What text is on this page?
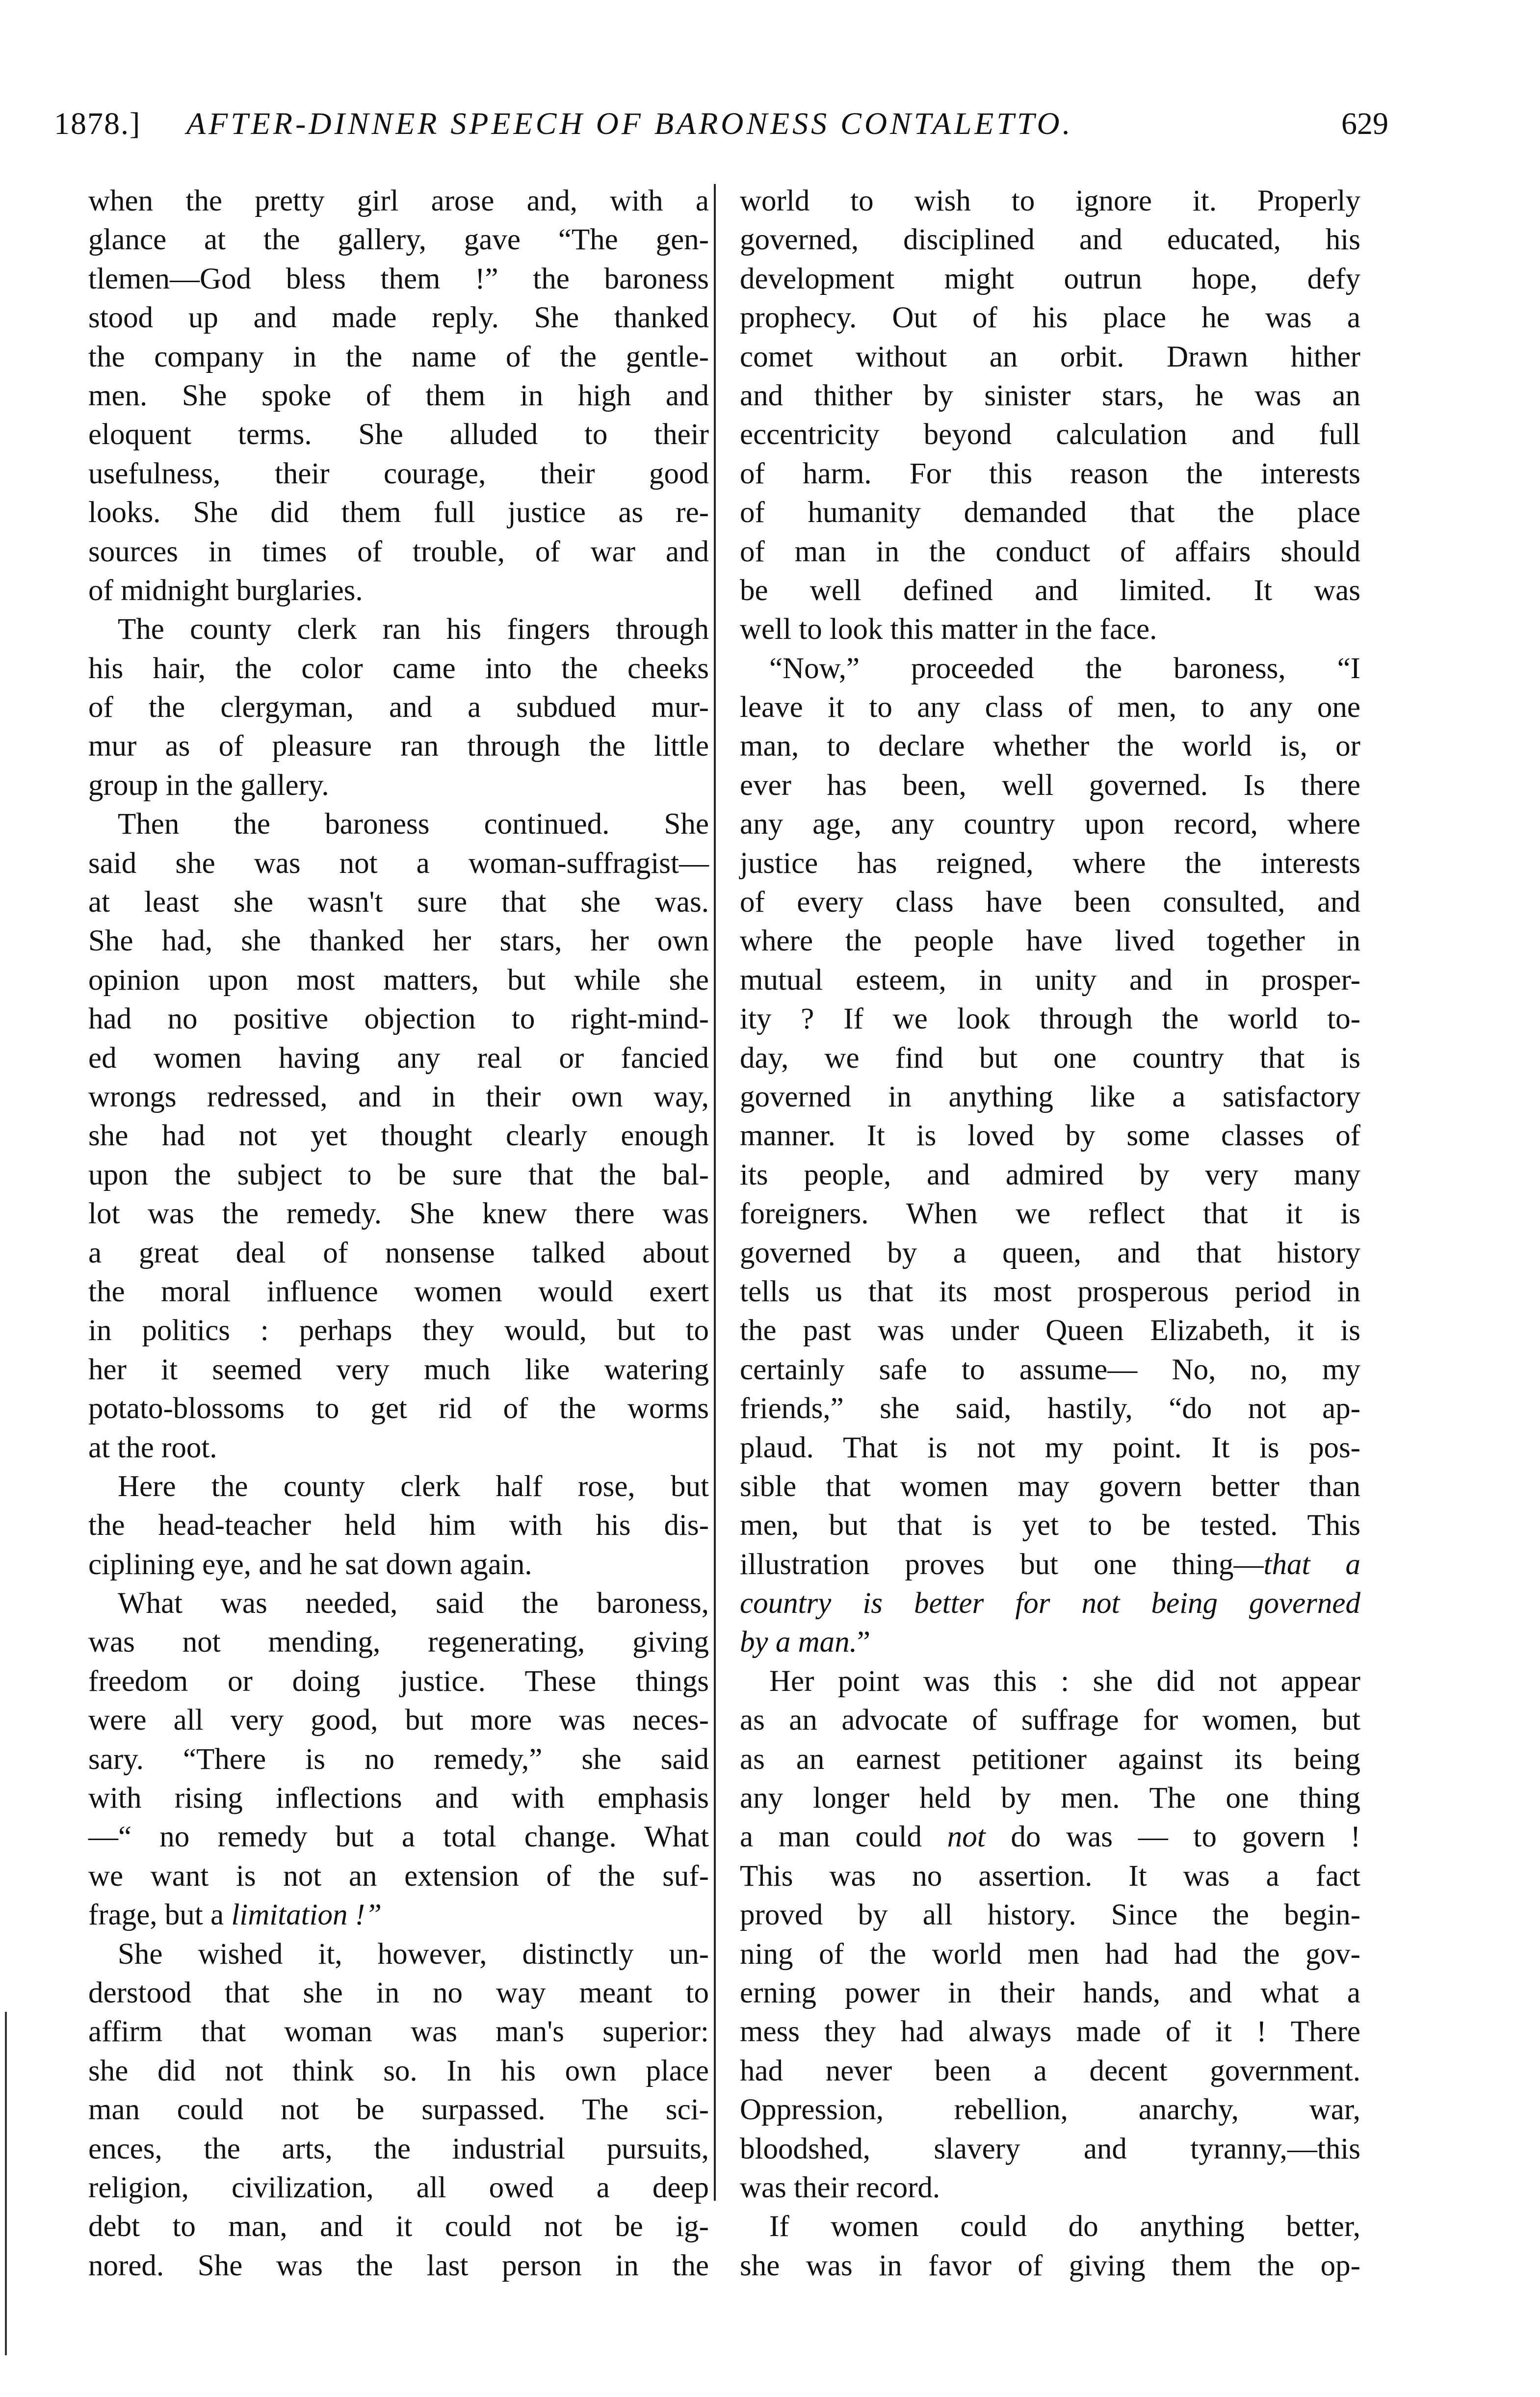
1878.] AFTER-DINNER SPEECH OF BARONESS CONTALETTO.	629
when the pretty girl arose and, with a
glance at the gallery, gave “The gen-
tlemen—God bless them !” the baroness
stood up and made reply. She thanked
the company in the name of the gentle-
men. She spoke of them in high and
eloquent terms. She alluded to their
usefulness, their courage, their good
looks. She did them full justice as re-
sources in times of trouble, of war and
of midnight burglaries.
The county clerk ran his fingers through
his hair, the color came into the cheeks
of the clergyman, and a subdued mur-
mur as of pleasure ran through the little
group in the gallery.
Then the baroness continued. She
said she was not a woman-suffragist—
at least she wasn't sure that she was.
She had, she thanked her stars, her own
opinion upon most matters, but while she
had no positive objection to right-mind-
ed women having any real or fancied
wrongs redressed, and in their own way,
she had not yet thought clearly enough
upon the subject to be sure that the bal-
lot was the remedy. She knew there was
a great deal of nonsense talked about
the moral influence women would exert
in politics : perhaps they would, but to
her it seemed very much like watering
potato-blossoms to get rid of the worms
at the root.
Here the county clerk half rose, but
the head-teacher held him with his dis-
ciplining eye, and he sat down again.
What was needed, said the baroness,
was not mending, regenerating, giving
freedom or doing justice. These things
were all very good, but more was neces-
sary. “There is no remedy,” she said
with rising inflections and with emphasis
—“ no remedy but a total change. What
we want is not an extension of the suf-
frage, but a limitation !”
She wished it, however, distinctly un-
derstood that she in no way meant to
affirm that woman was man's superior:
she did not think so. In his own place
man could not be surpassed. The sci-
ences, the arts, the industrial pursuits,
religion, civilization, all owed a deep
debt to man, and it could not be ig-
nored. She was the last person in the
world to wish to ignore it. Properly
governed, disciplined and educated, his
development might outrun hope, defy
prophecy. Out of his place he was a
comet without an orbit. Drawn hither
and thither by sinister stars, he was an
eccentricity beyond calculation and full
of harm. For this reason the interests
of humanity demanded that the place
of man in the conduct of affairs should
be well defined and limited. It was
well to look this matter in the face.
“Now,” proceeded the baroness, “I
leave it to any class of men, to any one
man, to declare whether the world is, or
ever has been, well governed. Is there
any age, any country upon record, where
justice has reigned, where the interests
of every class have been consulted, and
where the people have lived together in
mutual esteem, in unity and in prosper-
ity ? If we look through the world to-
day, we find but one country that is
governed in anything like a satisfactory
manner. It is loved by some classes of
its people, and admired by very many
foreigners. When we reflect that it is
governed by a queen, and that history
tells us that its most prosperous period in
the past was under Queen Elizabeth, it is
certainly safe to assume— No, no, my
friends,” she said, hastily, “do not ap-
plaud. That is not my point. It is pos-
sible that women may govern better than
men, but that is yet to be tested. This
illustration proves but one thing—that a
country is better for not being governed
by a man.”
Her point was this : she did not appear
as an advocate of suffrage for women, but
as an earnest petitioner against its being
any longer held by men. The one thing
a man could not do was — to govern !
This was no assertion. It was a fact
proved by all history. Since the begin-
ning of the world men had had the gov-
erning power in their hands, and what a
mess they had always made of it ! There
had never been a decent government.
Oppression, rebellion, anarchy, war,
bloodshed, slavery and tyranny,—this
was their record.
If women could do anything better,
she was in favor of giving them the op-
